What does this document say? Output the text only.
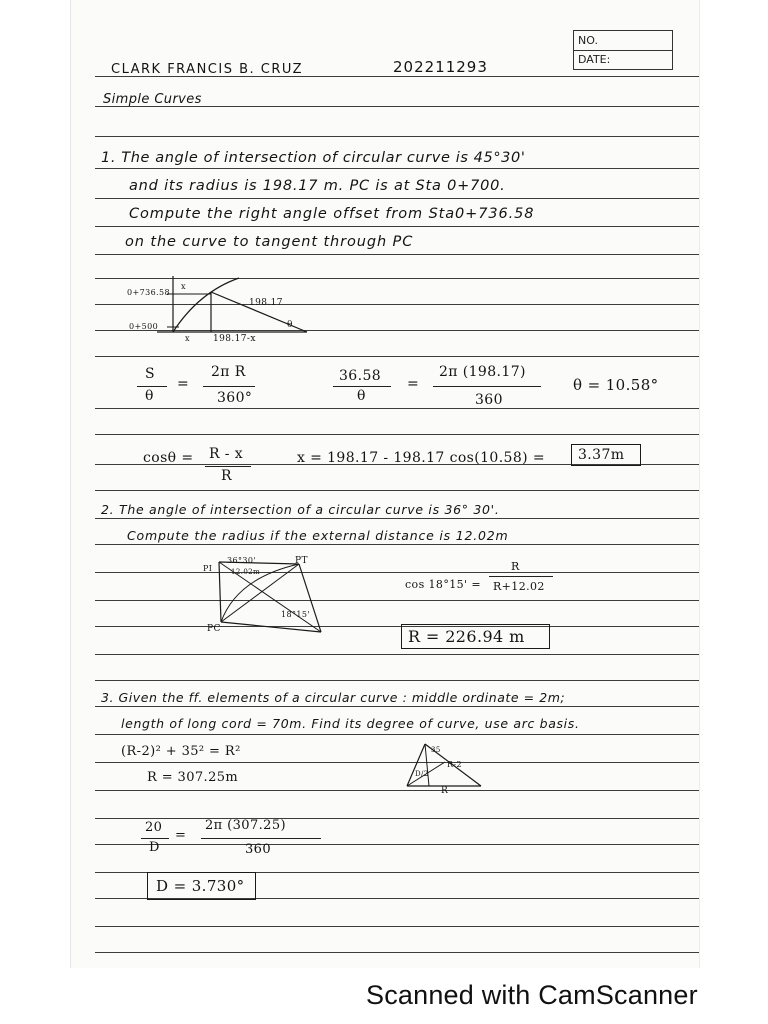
NO.
DATE:
CLARK FRANCIS B. CRUZ	202211293
Simple Curves
1. The angle of intersection of circular curve is 45°30'
and its radius is 198.17 m. PC is at Sta 0+700.
Compute the right angle offset from Sta0+736.58
on the curve to tangent through PC
0+736.58
0+500
x
x
198.17
θ
198.17-x
S
θ
=
2π R
360°
36.58
θ
=
2π (198.17)
360
θ = 10.58°
cosθ = R - x
R
x = 198.17 - 198.17 cos(10.58) =	3.37m
2. The angle of intersection of a circular curve is 36° 30'.
Compute the radius if the external distance is 12.02m
PI
36°30'
12.02m
PT
18°15'
PC
cos 18°15' =
R
R+12.02
R = 226.94 m
3. Given the ff. elements of a circular curve : middle ordinate = 2m;
length of long cord = 70m. Find its degree of curve, use arc basis.
(R-2)² + 35² = R²
R = 307.25m
35
R-2
D/2
R
20
D
=
2π (307.25)
360
D = 3.730°
Scanned with CamScanner
